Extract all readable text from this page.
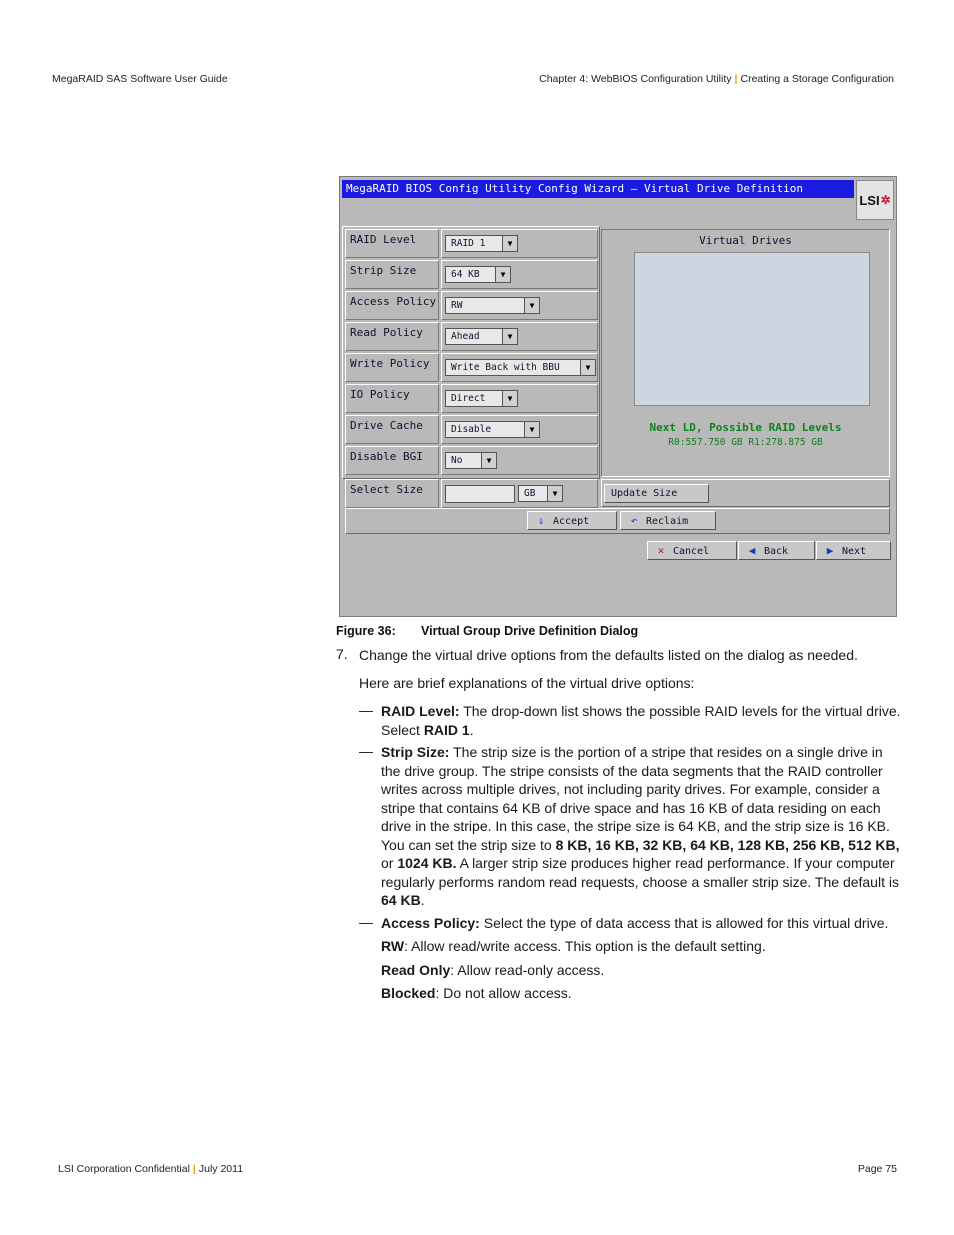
MegaRAID SAS Software User Guide	Chapter 4: WebBIOS Configuration Utility | Creating a Storage Configuration
MegaRAID BIOS Config Utility Config Wizard – Virtual Drive Definition
LSI ✲
RAID Level	RAID 1	▼
Strip Size	64 KB	▼
Access Policy	RW	▼
Read Policy	Ahead	▼
Write Policy	Write Back with BBU	▼
IO Policy	Direct	▼
Drive Cache	Disable	▼
Disable BGI	No	▼
Virtual Drives
Next LD, Possible RAID Levels
R0:557.750 GB R1:278.875 GB
Select Size	GB	▼	Update Size
⇓ Accept	↶ Reclaim
✕ Cancel	◀ Back	▶ Next
Figure 36: Virtual Group Drive Definition Dialog
7. Change the virtual drive options from the defaults listed on the dialog as needed.
Here are brief explanations of the virtual drive options:
— RAID Level: The drop-down list shows the possible RAID levels for the virtual drive. Select RAID 1.
— Strip Size: The strip size is the portion of a stripe that resides on a single drive in the drive group. The stripe consists of the data segments that the RAID controller writes across multiple drives, not including parity drives. For example, consider a stripe that contains 64 KB of drive space and has 16 KB of data residing on each drive in the stripe. In this case, the stripe size is 64 KB, and the strip size is 16 KB. You can set the strip size to 8 KB, 16 KB, 32 KB, 64 KB, 128 KB, 256 KB, 512 KB, or 1024 KB. A larger strip size produces higher read performance. If your computer regularly performs random read requests, choose a smaller strip size. The default is 64 KB.
— Access Policy: Select the type of data access that is allowed for this virtual drive.
RW: Allow read/write access. This option is the default setting.
Read Only: Allow read-only access.
Blocked: Do not allow access.
LSI Corporation Confidential | July 2011	Page 75
